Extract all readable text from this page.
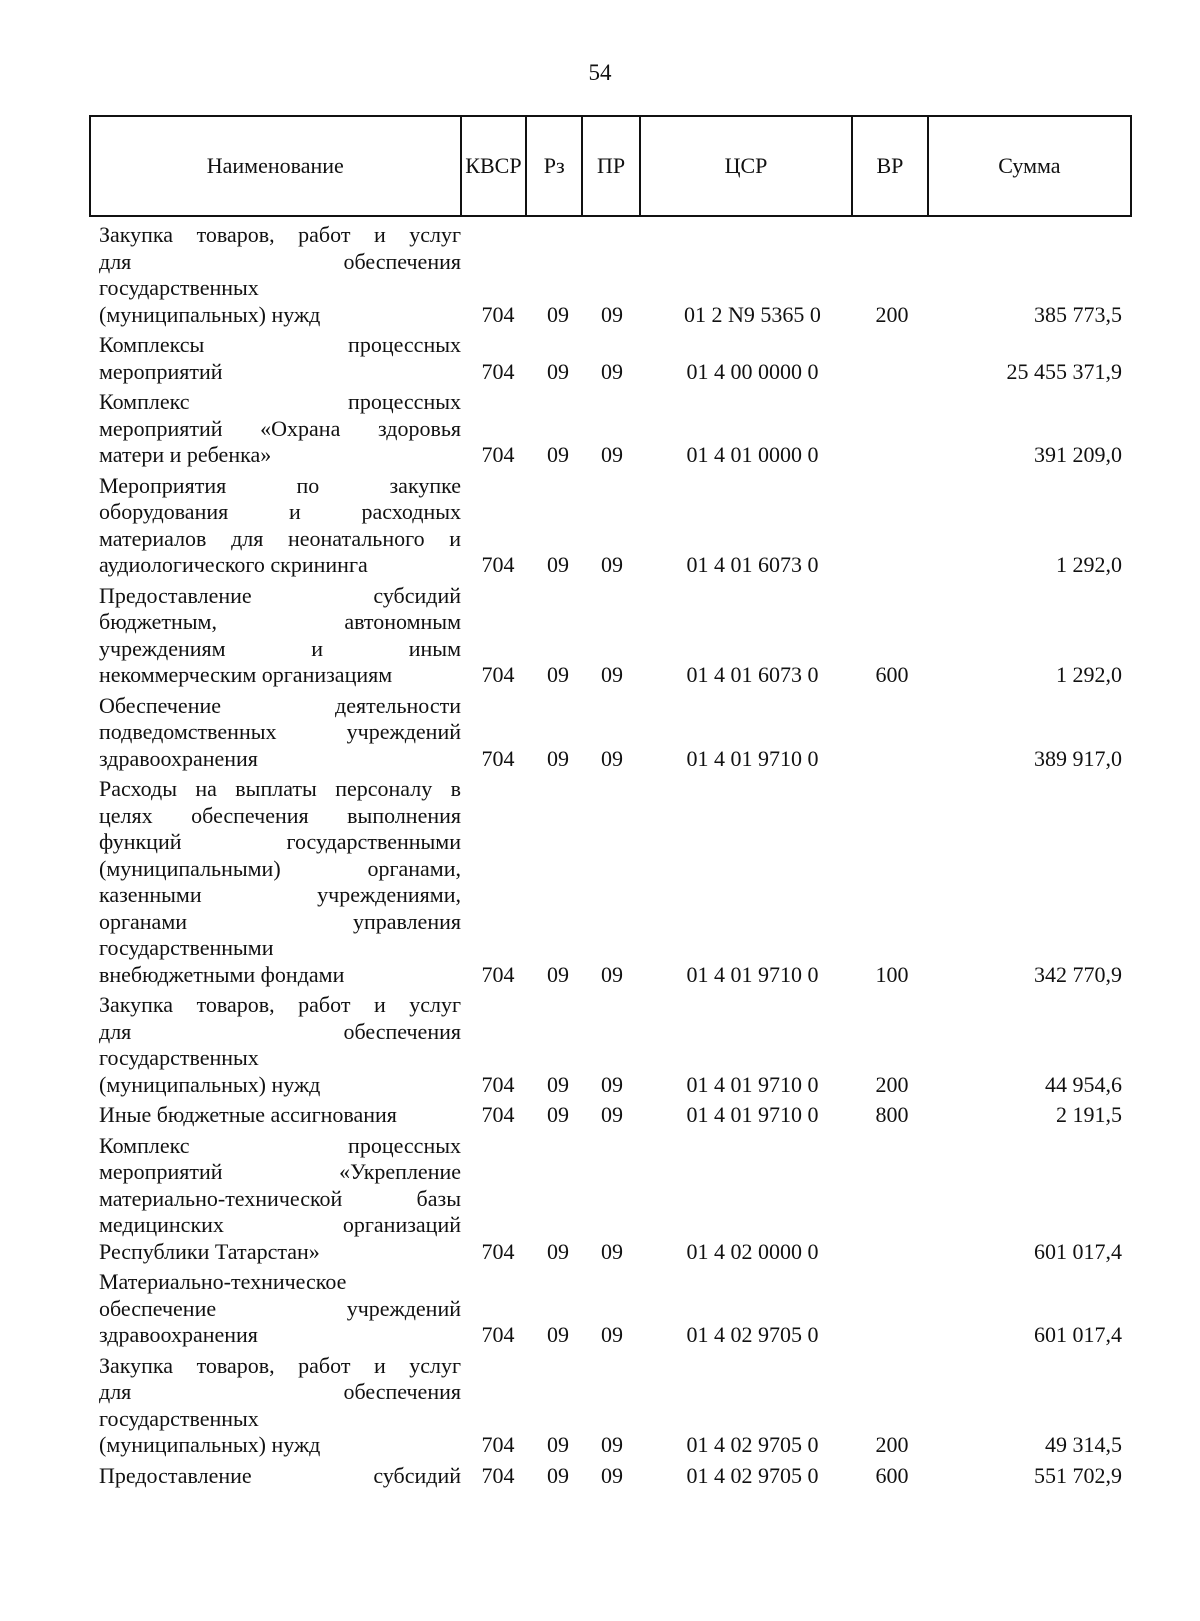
54
Наименование	КВСР	Рз	ПР	ЦСР	ВР	Сумма
Закупка товаров, работ и услуг
для обеспечения
государственных
(муниципальных) нужд	704	09	09	01 2 N9 5365 0	200	385 773,5
Комплексы процессных
мероприятий	704	09	09	01 4 00 0000 0	25 455 371,9
Комплекс процессных
мероприятий «Охрана здоровья
матери и ребенка»	704	09	09	01 4 01 0000 0	391 209,0
Мероприятия по закупке
оборудования и расходных
материалов для неонатального и
аудиологического скрининга	704	09	09	01 4 01 6073 0	1 292,0
Предоставление субсидий
бюджетным, автономным
учреждениям и иным
некоммерческим организациям	704	09	09	01 4 01 6073 0	600	1 292,0
Обеспечение деятельности
подведомственных учреждений
здравоохранения	704	09	09	01 4 01 9710 0	389 917,0
Расходы на выплаты персоналу в
целях обеспечения выполнения
функций государственными
(муниципальными) органами,
казенными учреждениями,
органами управления
государственными
внебюджетными фондами	704	09	09	01 4 01 9710 0	100	342 770,9
Закупка товаров, работ и услуг
для обеспечения
государственных
(муниципальных) нужд	704	09	09	01 4 01 9710 0	200	44 954,6
Иные бюджетные ассигнования	704	09	09	01 4 01 9710 0	800	2 191,5
Комплекс процессных
мероприятий «Укрепление
материально-технической базы
медицинских организаций
Республики Татарстан»	704	09	09	01 4 02 0000 0	601 017,4
Материально-техническое
обеспечение учреждений
здравоохранения	704	09	09	01 4 02 9705 0	601 017,4
Закупка товаров, работ и услуг
для обеспечения
государственных
(муниципальных) нужд	704	09	09	01 4 02 9705 0	200	49 314,5
Предоставление субсидий 704	09	09	01 4 02 9705 0	600	551 702,9
